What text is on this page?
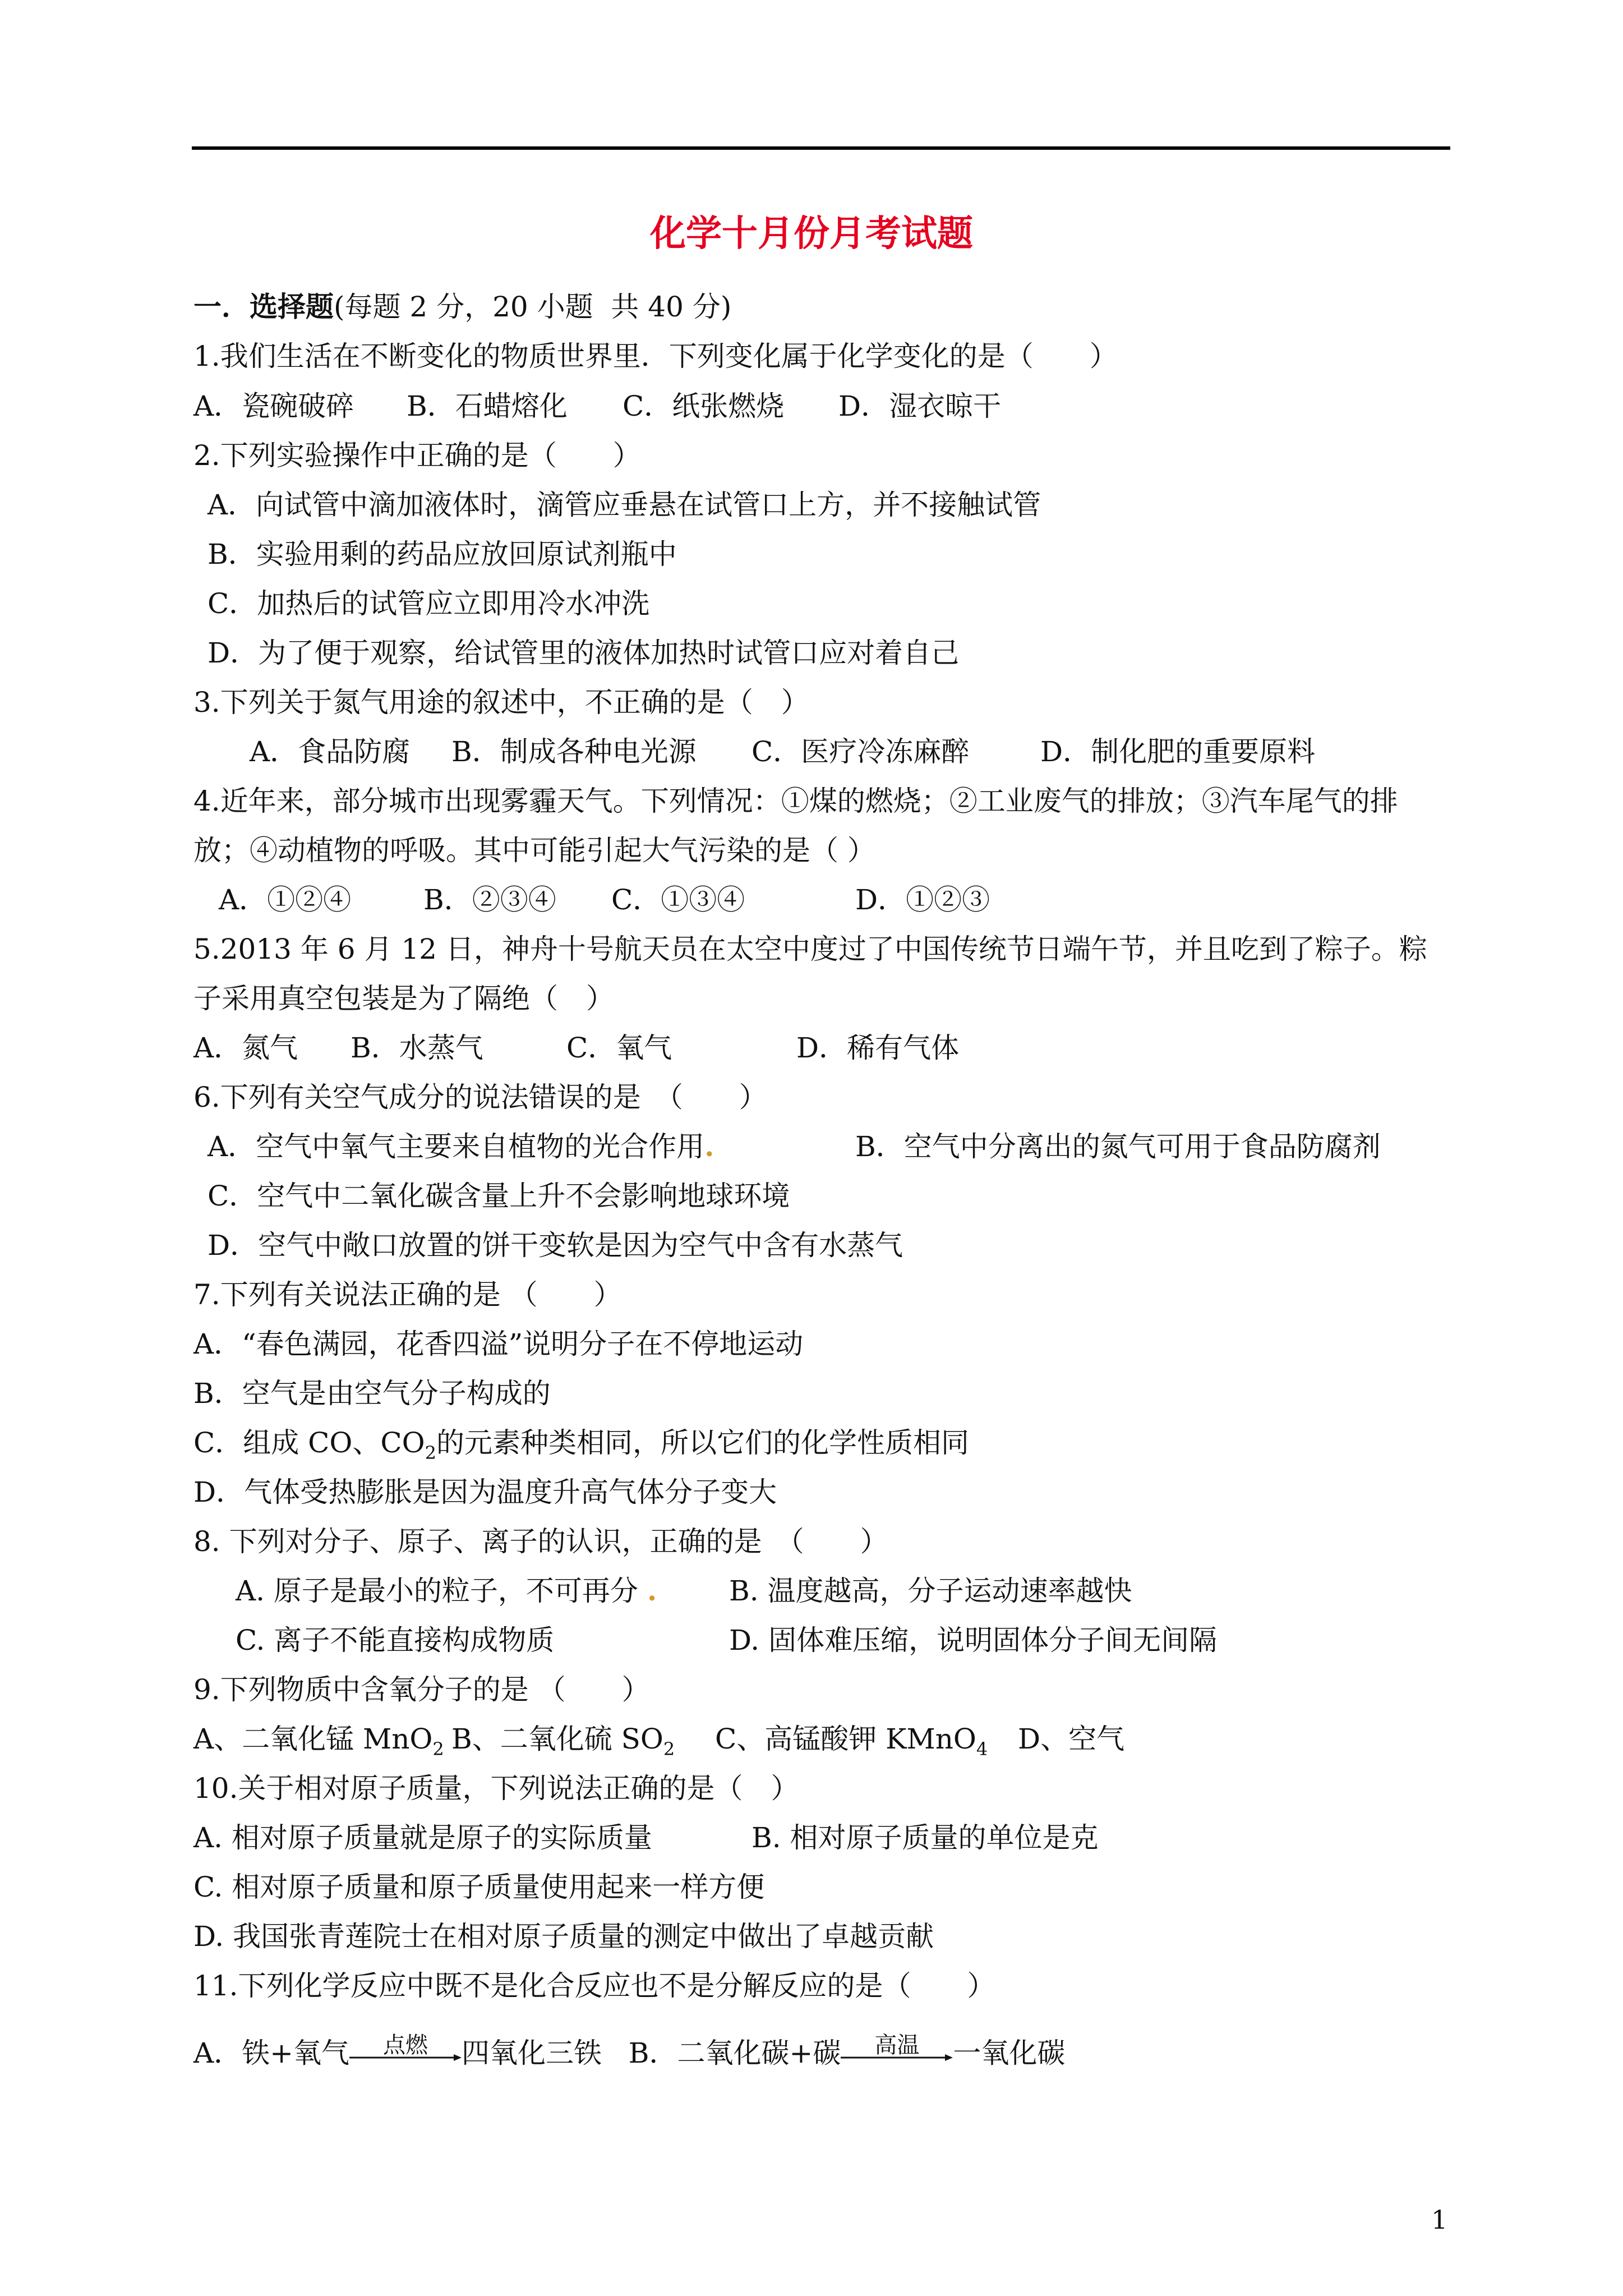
化学十月份月考试题
一．选择题(每题 2 分，20 小题  共 40 分)
1.我们生活在不断变化的物质世界里．下列变化属于化学变化的是（　　）
A．瓷碗破碎 B．石蜡熔化 C．纸张燃烧 D．湿衣晾干
2.下列实验操作中正确的是（　　）
A．向试管中滴加液体时，滴管应垂悬在试管口上方，并不接触试管
B．实验用剩的药品应放回原试剂瓶中
C．加热后的试管应立即用冷水冲洗
D．为了便于观察，给试管里的液体加热时试管口应对着自己
3.下列关于氮气用途的叙述中，不正确的是（　）
A．食品防腐 B．制成各种电光源 C．医疗冷冻麻醉	D．制化肥的重要原料
4.近年来，部分城市出现雾霾天气。下列情况：①煤的燃烧；②工业废气的排放；③汽车尾气的排
放；④动植物的呼吸。其中可能引起大气污染的是（ ）
A．①②④	B．②③④ C．①③④	D．①②③
5.2013 年 6 月 12 日，神舟十号航天员在太空中度过了中国传统节日端午节，并且吃到了粽子。粽
子采用真空包装是为了隔绝（　）
A．氮气 B．水蒸气	C．氧气	D．稀有气体
6.下列有关空气成分的说法错误的是　（　　）
A．空气中氧气主要来自植物的光合作用.	B．空气中分离出的氮气可用于食品防腐剂
C．空气中二氧化碳含量上升不会影响地球环境
D．空气中敞口放置的饼干变软是因为空气中含有水蒸气
7.下列有关说法正确的是 （　　）
A．“春色满园，花香四溢”说明分子在不停地运动
B．空气是由空气分子构成的
C．组成 CO、$CO_2$的元素种类相同，所以它们的化学性质相同
D．气体受热膨胀是因为温度升高气体分子变大
8. 下列对分子、原子、离子的认识，正确的是　（　　）
A. 原子是最小的粒子，不可再分 .	B. 温度越高，分子运动速率越快
C. 离子不能直接构成物质	D. 固体难压缩，说明固体分子间无间隔
9.下列物质中含氧分子的是 （　　）
A、二氧化锰 MnO$_2$ B、二氧化硫 $SO_2$ C、高锰酸钾 KMnO$_4$ D、空气
10.关于相对原子质量，下列说法正确的是（　）
A. 相对原子质量就是原子的实际质量	B. 相对原子质量的单位是克
C. 相对原子质量和原子质量使用起来一样方便
D. 我国张青莲院士在相对原子质量的测定中做出了卓越贡献
11.下列化学反应中既不是化合反应也不是分解反应的是（　　）
A．铁+氧气	点燃	四氧化三铁 B．二氧化碳+碳	高温	一氧化碳
1
